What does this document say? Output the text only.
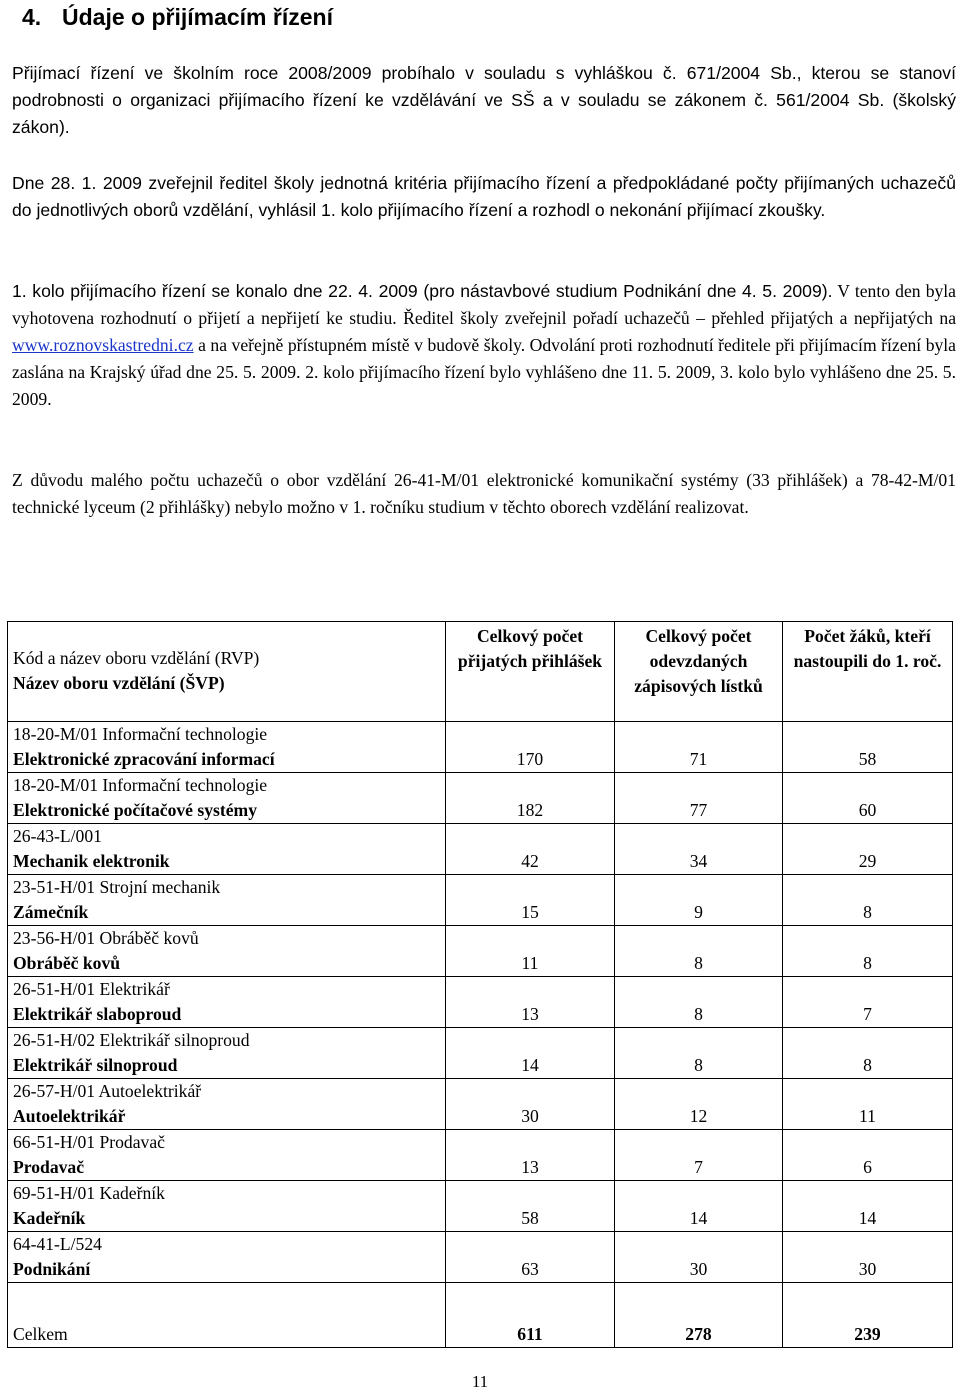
4. Údaje o přijímacím řízení

Přijímací řízení ve školním roce 2008/2009 probíhalo v souladu s vyhláškou č. 671/2004 Sb., kterou se stanoví podrobnosti o organizaci přijímacího řízení ke vzdělávání ve SŠ a v souladu se zákonem č. 561/2004 Sb. (školský zákon).

Dne 28. 1. 2009 zveřejnil ředitel školy jednotná kritéria přijímacího řízení a předpokládané počty přijímaných uchazečů do jednotlivých oborů vzdělání, vyhlásil 1. kolo přijímacího řízení a rozhodl o nekonání přijímací zkoušky.

1. kolo přijímacího řízení se konalo dne 22. 4. 2009 (pro nástavbové studium Podnikání dne 4. 5. 2009). V tento den byla vyhotovena rozhodnutí o přijetí a nepřijetí ke studiu. Ředitel školy zveřejnil pořadí uchazečů – přehled přijatých a nepřijatých na www.roznovskastredni.cz a na veřejně přístupném místě v budově školy. Odvolání proti rozhodnutí ředitele při přijímacím řízení byla zaslána na Krajský úřad dne 25. 5. 2009. 2. kolo přijímacího řízení bylo vyhlášeno dne 11. 5. 2009, 3. kolo bylo vyhlášeno dne 25. 5. 2009.

Z důvodu malého počtu uchazečů o obor vzdělání 26-41-M/01 elektronické komunikační systémy (33 přihlášek) a 78-42-M/01 technické lyceum (2 přihlášky) nebylo možno v 1. ročníku studium v těchto oborech vzdělání realizovat.

Kód a název oboru vzdělání (RVP)
Název oboru vzdělání (ŠVP)	Celkový počet přijatých přihlášek	Celkový počet odevzdaných zápisových lístků	Počet žáků, kteří nastoupili do 1. roč.
18-20-M/01 Informační technologie
Elektronické zpracování informací	170	71	58
18-20-M/01 Informační technologie
Elektronické počítačové systémy	182	77	60
26-43-L/001
Mechanik elektronik	42	34	29
23-51-H/01 Strojní mechanik
Zámečník	15	9	8
23-56-H/01 Obráběč kovů
Obráběč kovů	11	8	8
26-51-H/01 Elektrikář
Elektrikář slaboproud	13	8	7
26-51-H/02 Elektrikář silnoproud
Elektrikář silnoproud	14	8	8
26-57-H/01 Autoelektrikář
Autoelektrikář	30	12	11
66-51-H/01 Prodavač
Prodavač	13	7	6
69-51-H/01 Kadeřník
Kadeřník	58	14	14
64-41-L/524
Podnikání	63	30	30
Celkem	611	278	239
11
